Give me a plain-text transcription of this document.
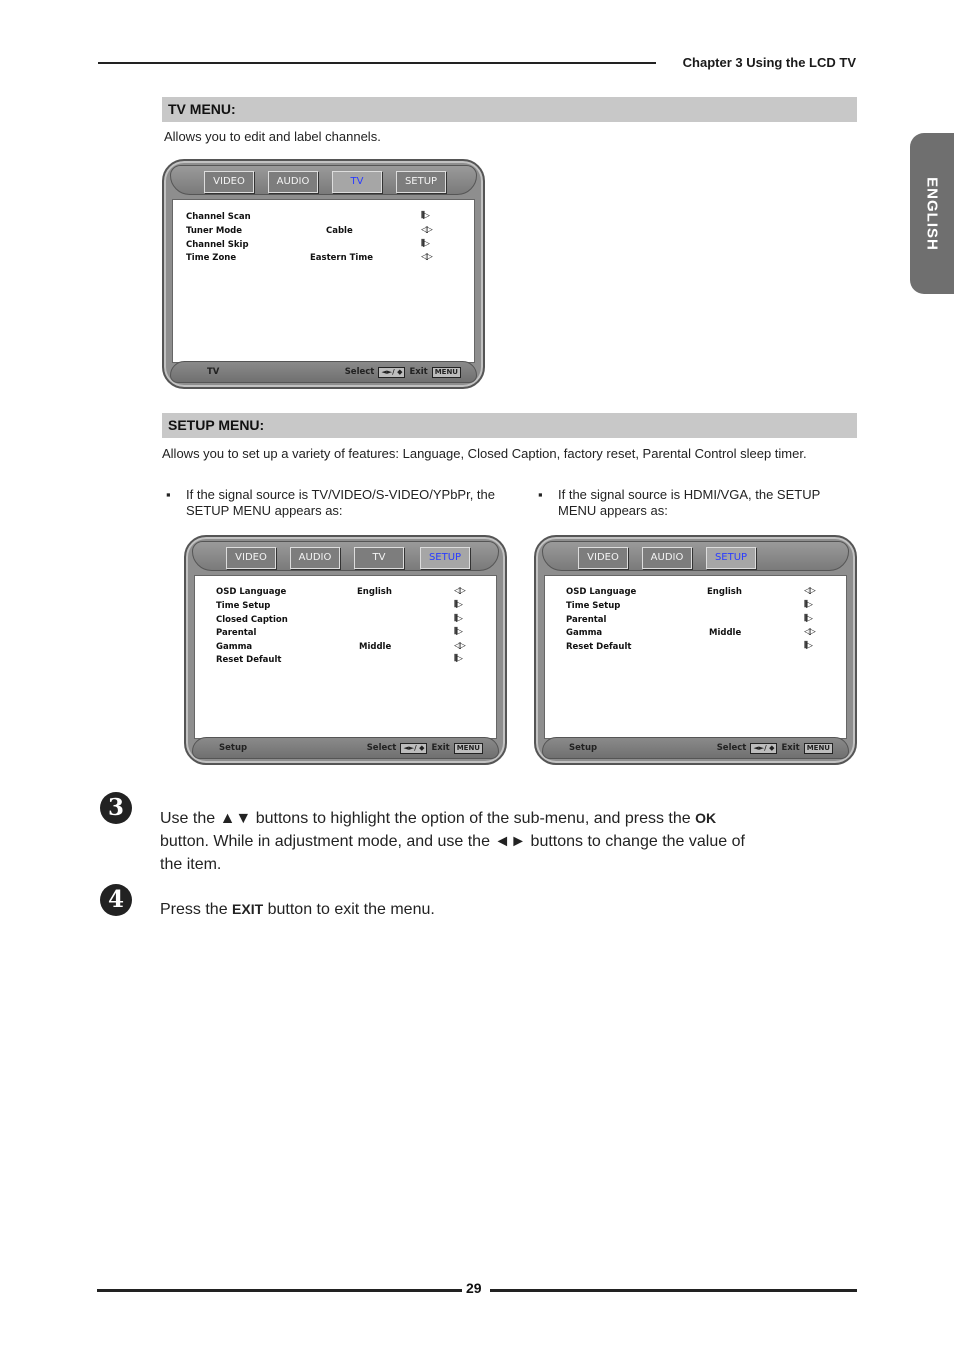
Chapter 3 Using the LCD TV
ENGLISH
TV MENU:
Allows you to edit and label channels.
VIDEO	AUDIO	TV	SETUP
Channel Scan	⦀▷
Tuner Mode	Cable	◁▷
Channel Skip	⦀▷
Time Zone	Eastern Time	◁▷
TV	Select ◄►/ ◆ Exit MENU
SETUP MENU:
Allows you to set up a variety of features: Language, Closed Caption, factory reset, Parental Control sleep timer.
▪ If the signal source is TV/VIDEO/S-VIDEO/YPbPr, the SETUP MENU appears as:
▪ If the signal source is HDMI/VGA, the SETUP MENU appears as:
VIDEO	AUDIO	TV	SETUP
OSD Language	English	◁▷
Time Setup	⦀▷
Closed Caption	⦀▷
Parental	⦀▷
Gamma	Middle	◁▷
Reset Default	⦀▷
Setup	Select ◄►/ ◆ Exit MENU
VIDEO	AUDIO	SETUP
OSD Language	English	◁▷
Time Setup	⦀▷
Parental	⦀▷
Gamma	Middle	◁▷
Reset Default	⦀▷
Setup	Select ◄►/ ◆ Exit MENU
3	Use the ▲▼ buttons to highlight the option of the sub-menu, and press the OK
button. While in adjustment mode, and use the ◄► buttons to change the value of
the item.
4	Press the EXIT button to exit the menu.
29
